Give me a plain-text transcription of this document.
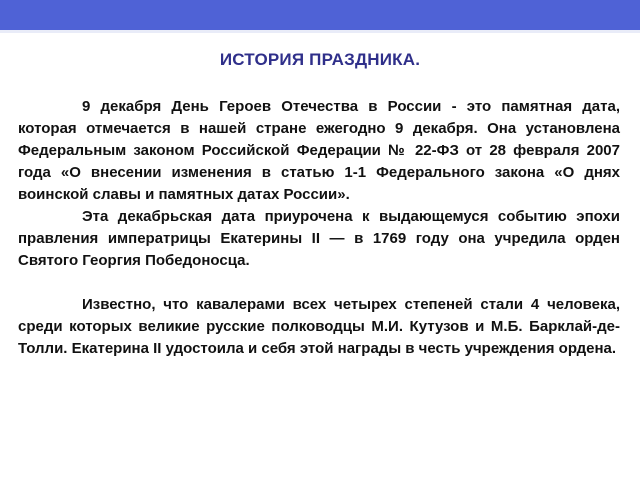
ИСТОРИЯ ПРАЗДНИКА.

9 декабря День Героев Отечества в России - это памятная дата, которая отмечается в нашей стране ежегодно 9 декабря. Она установлена Федеральным законом Российской Федерации № 22-ФЗ от 28 февраля 2007 года «О внесении изменения в статью 1-1 Федерального закона «О днях воинской славы и памятных датах России».

Эта декабрьская дата приурочена к выдающемуся событию эпохи правления императрицы Екатерины II — в 1769 году она учредила орден Святого Георгия Победоносца.

Известно, что кавалерами всех четырех степеней стали 4 человека, среди которых великие русские полководцы М.И. Кутузов и М.Б. Барклай-де-Толли. Екатерина II удостоила и себя этой награды в честь учреждения ордена.
